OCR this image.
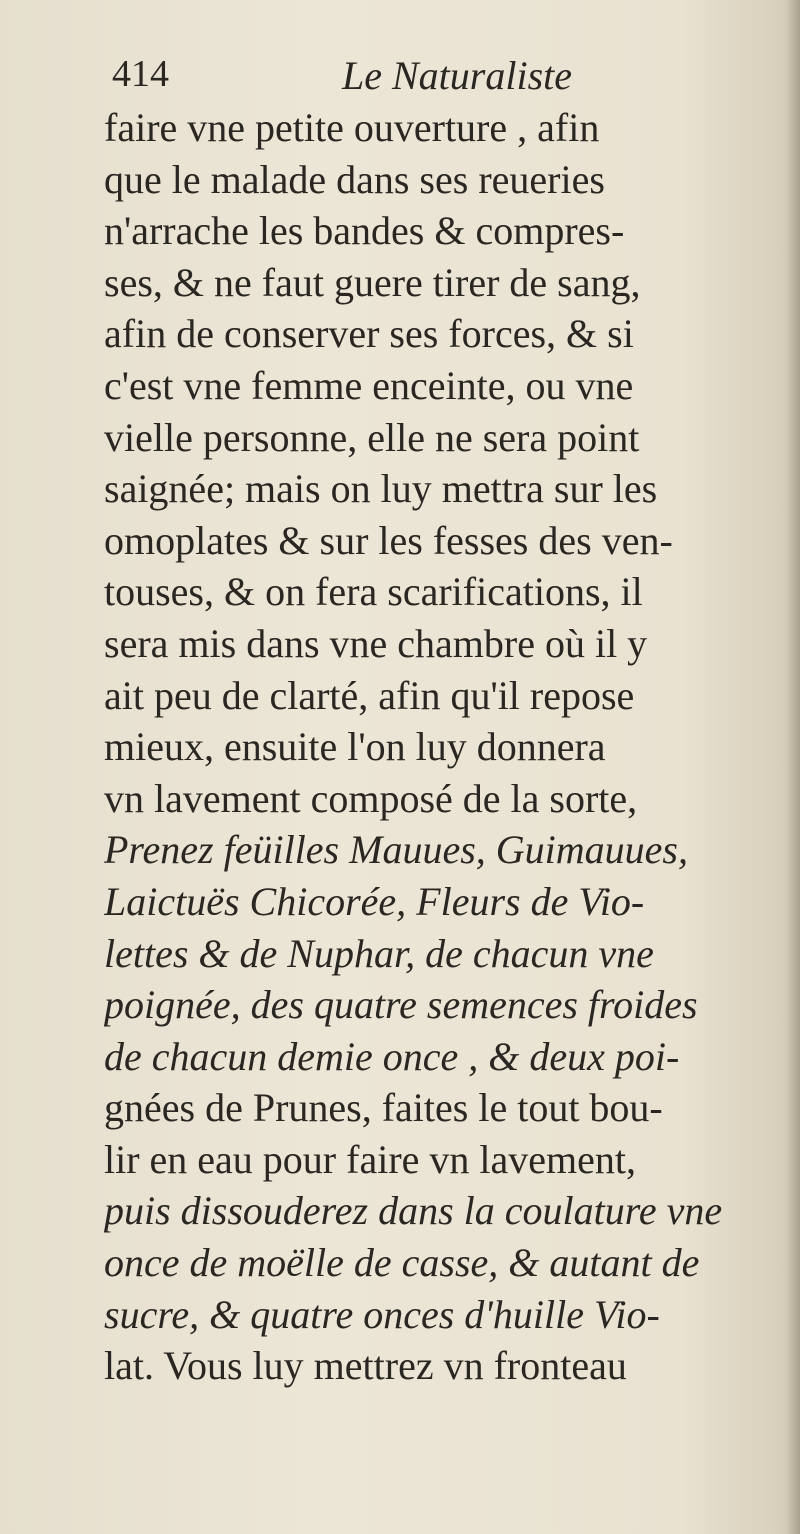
414	Le Naturaliste
faire vne petite ouverture , afin
que le malade dans ses reueries
n'arrache les bandes & compres-
ses, & ne faut guere tirer de sang,
afin de conserver ses forces, & si
c'est vne femme enceinte, ou vne
vielle personne, elle ne sera point
saignée; mais on luy mettra sur les
omoplates & sur les fesses des ven-
touses, & on fera scarifications, il
sera mis dans vne chambre où il y
ait peu de clarté, afin qu'il repose
mieux, ensuite l'on luy donnera
vn lavement composé de la sorte,
Prenez feüilles Mauues, Guimauues,
Laictuës Chicorée, Fleurs de Vio-
lettes & de Nuphar, de chacun vne
poignée, des quatre semences froides
de chacun demie once , & deux poi-
gnées de Prunes, faites le tout bou-
lir en eau pour faire vn lavement,
puis dissouderez dans la coulature vne
once de moëlle de casse, & autant de
sucre, & quatre onces d'huille Vio-
lat. Vous luy mettrez vn fronteau
